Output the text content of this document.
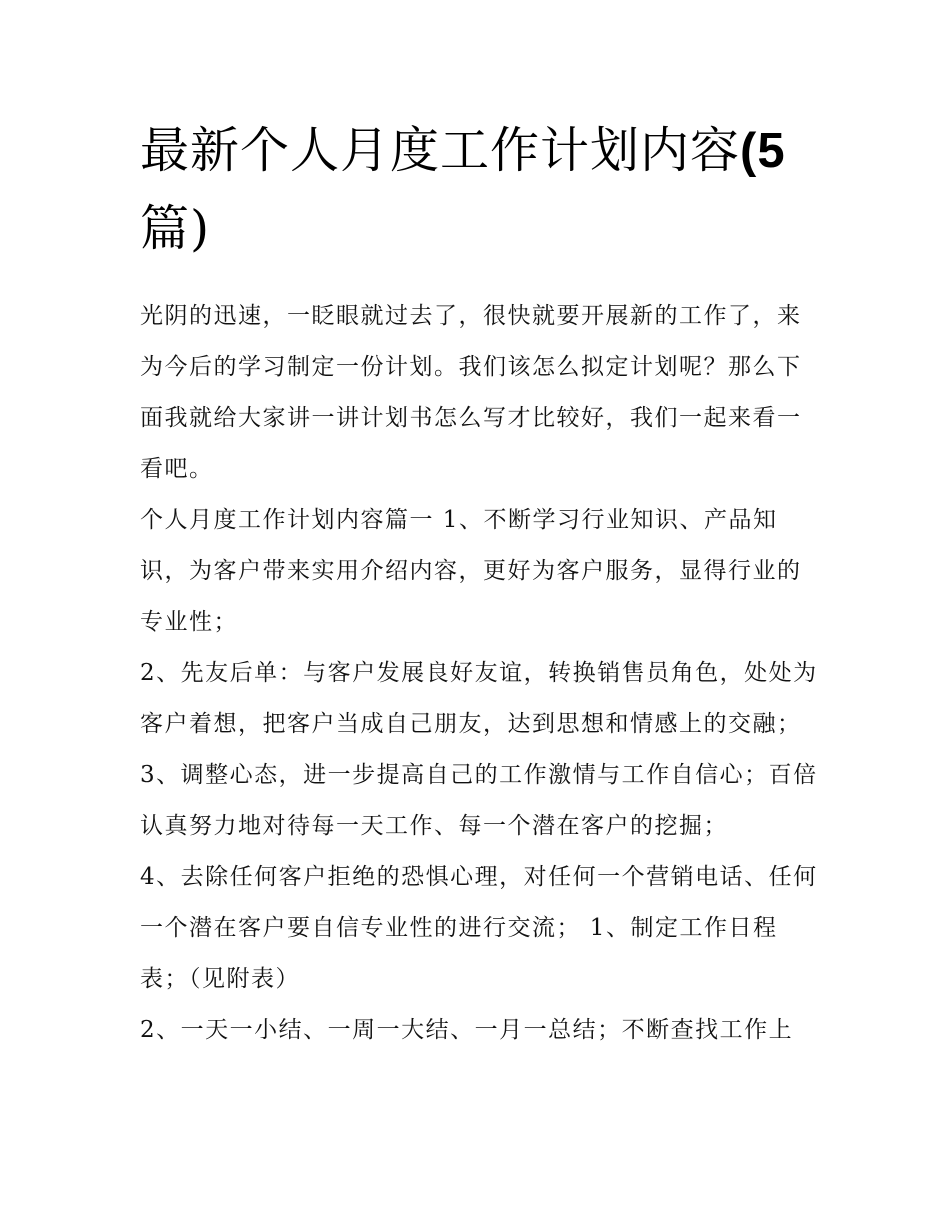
最新个人月度工作计划内容(5
篇)

光阴的迅速，一眨眼就过去了，很快就要开展新的工作了，来为今后的学习制定一份计划。我们该怎么拟定计划呢？那么下面我就给大家讲一讲计划书怎么写才比较好，我们一起来看一看吧。

个人月度工作计划内容篇一 1、不断学习行业知识、产品知识，为客户带来实用介绍内容，更好为客户服务，显得行业的专业性；

2、先友后单：与客户发展良好友谊，转换销售员角色，处处为客户着想，把客户当成自己朋友，达到思想和情感上的交融；

3、调整心态，进一步提高自己的工作激情与工作自信心；百倍认真努力地对待每一天工作、每一个潜在客户的挖掘；

4、去除任何客户拒绝的恐惧心理，对任何一个营销电话、任何一个潜在客户要自信专业性的进行交流； 1、制定工作日程表；（见附表）

2、一天一小结、一周一大结、一月一总结；不断查找工作上
